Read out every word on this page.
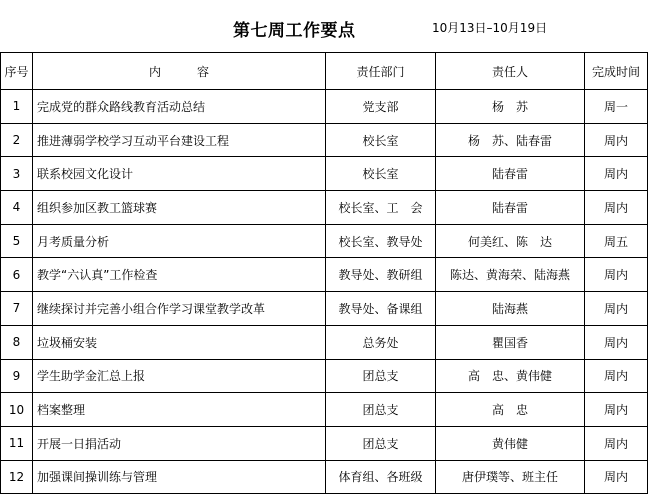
第七周工作要点	10月13日–10月19日
序号	内　　　容	责任部门	责任人	完成时间
1	完成党的群众路线教育活动总结	党支部	杨　苏	周一
2	推进薄弱学校学习互动平台建设工程	校长室	杨　苏、陆春雷	周内
3	联系校园文化设计	校长室	陆春雷	周内
4	组织参加区教工篮球赛	校长室、工　会	陆春雷	周内
5	月考质量分析	校长室、教导处	何美红、陈　达	周五
6	教学“六认真”工作检查	教导处、教研组	陈达、黄海荣、陆海燕	周内
7	继续探讨并完善小组合作学习课堂教学改革	教导处、备课组	陆海燕	周内
8	垃圾桶安装	总务处	瞿国香	周内
9	学生助学金汇总上报	团总支	高　忠、黄伟健	周内
10	档案整理	团总支	高　忠	周内
11	开展一日捐活动	团总支	黄伟健	周内
12	加强课间操训练与管理	体育组、各班级	唐伊璞等、班主任	周内
